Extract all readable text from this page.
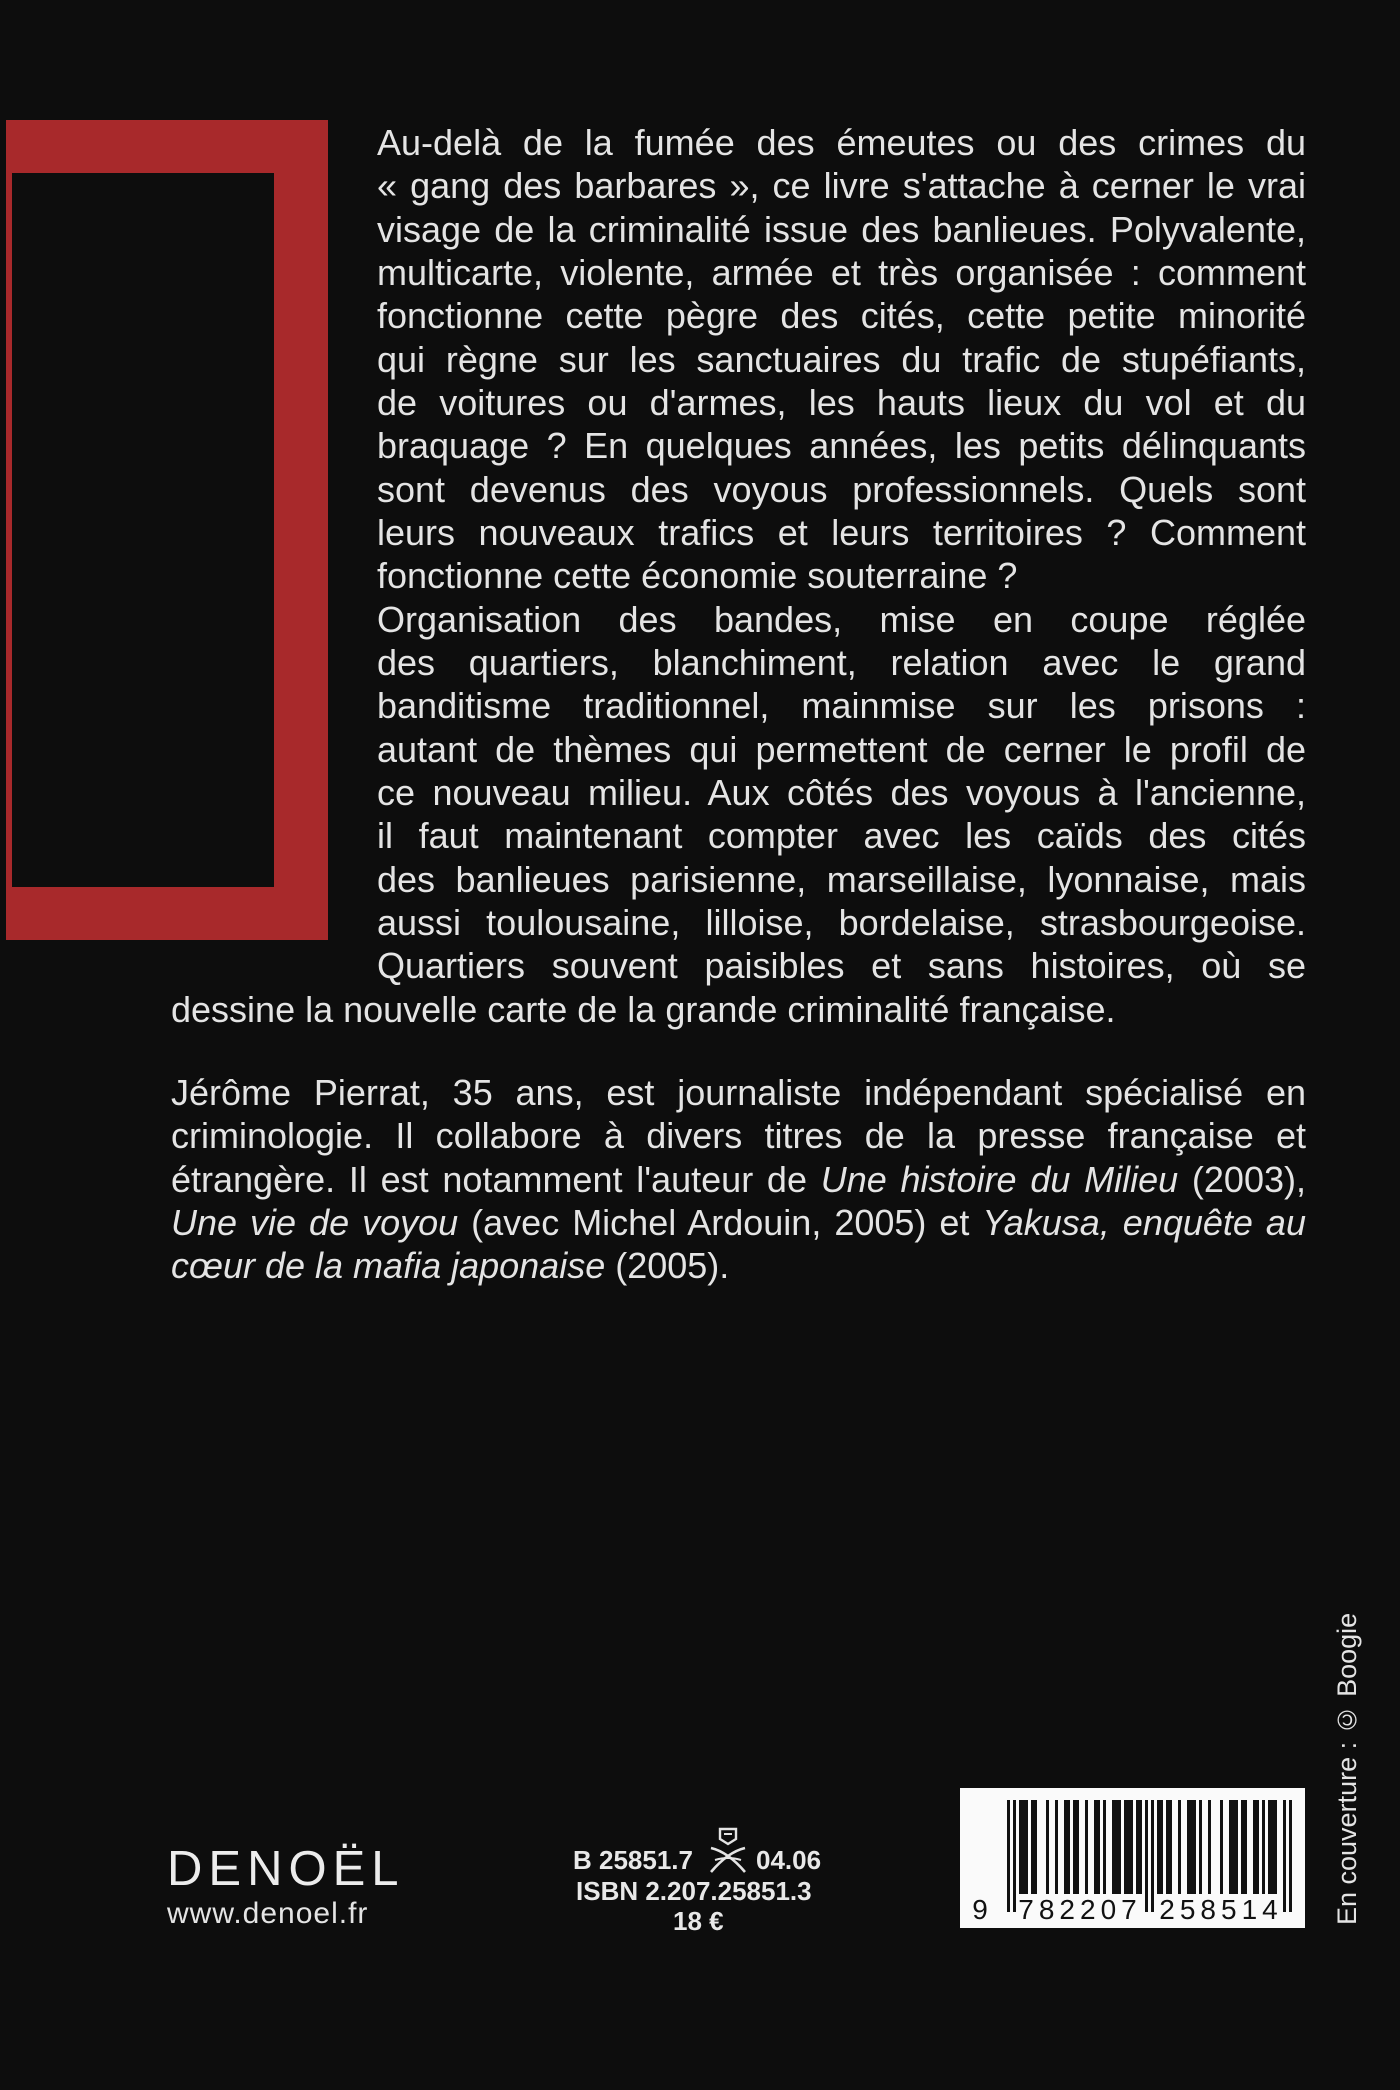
Au-delà de la fumée des émeutes ou des crimes du
« gang des barbares », ce livre s'attache à cerner le vrai
visage de la criminalité issue des banlieues. Polyvalente,
multicarte, violente, armée et très organisée : comment
fonctionne cette pègre des cités, cette petite minorité
qui règne sur les sanctuaires du trafic de stupéfiants,
de voitures ou d'armes, les hauts lieux du vol et du
braquage ? En quelques années, les petits délinquants
sont devenus des voyous professionnels. Quels sont
leurs nouveaux trafics et leurs territoires ? Comment
fonctionne cette économie souterraine ?
Organisation des bandes, mise en coupe réglée
des quartiers, blanchiment, relation avec le grand
banditisme traditionnel, mainmise sur les prisons :
autant de thèmes qui permettent de cerner le profil de
ce nouveau milieu. Aux côtés des voyous à l'ancienne,
il faut maintenant compter avec les caïds des cités
des banlieues parisienne, marseillaise, lyonnaise, mais
aussi toulousaine, lilloise, bordelaise, strasbourgeoise.
Quartiers souvent paisibles et sans histoires, où se
dessine la nouvelle carte de la grande criminalité française.
Jérôme Pierrat, 35 ans, est journaliste indépendant spécialisé en
criminologie. Il collabore à divers titres de la presse française et
étrangère. Il est notamment l'auteur de Une histoire du Milieu (2003),
Une vie de voyou (avec Michel Ardouin, 2005) et Yakusa, enquête au
cœur de la mafia japonaise (2005).
DENOËL
www.denoel.fr
B 25851.7 04.06
ISBN 2.207.25851.3
18 €	9 782207 258514 En couverture : © Boogie
